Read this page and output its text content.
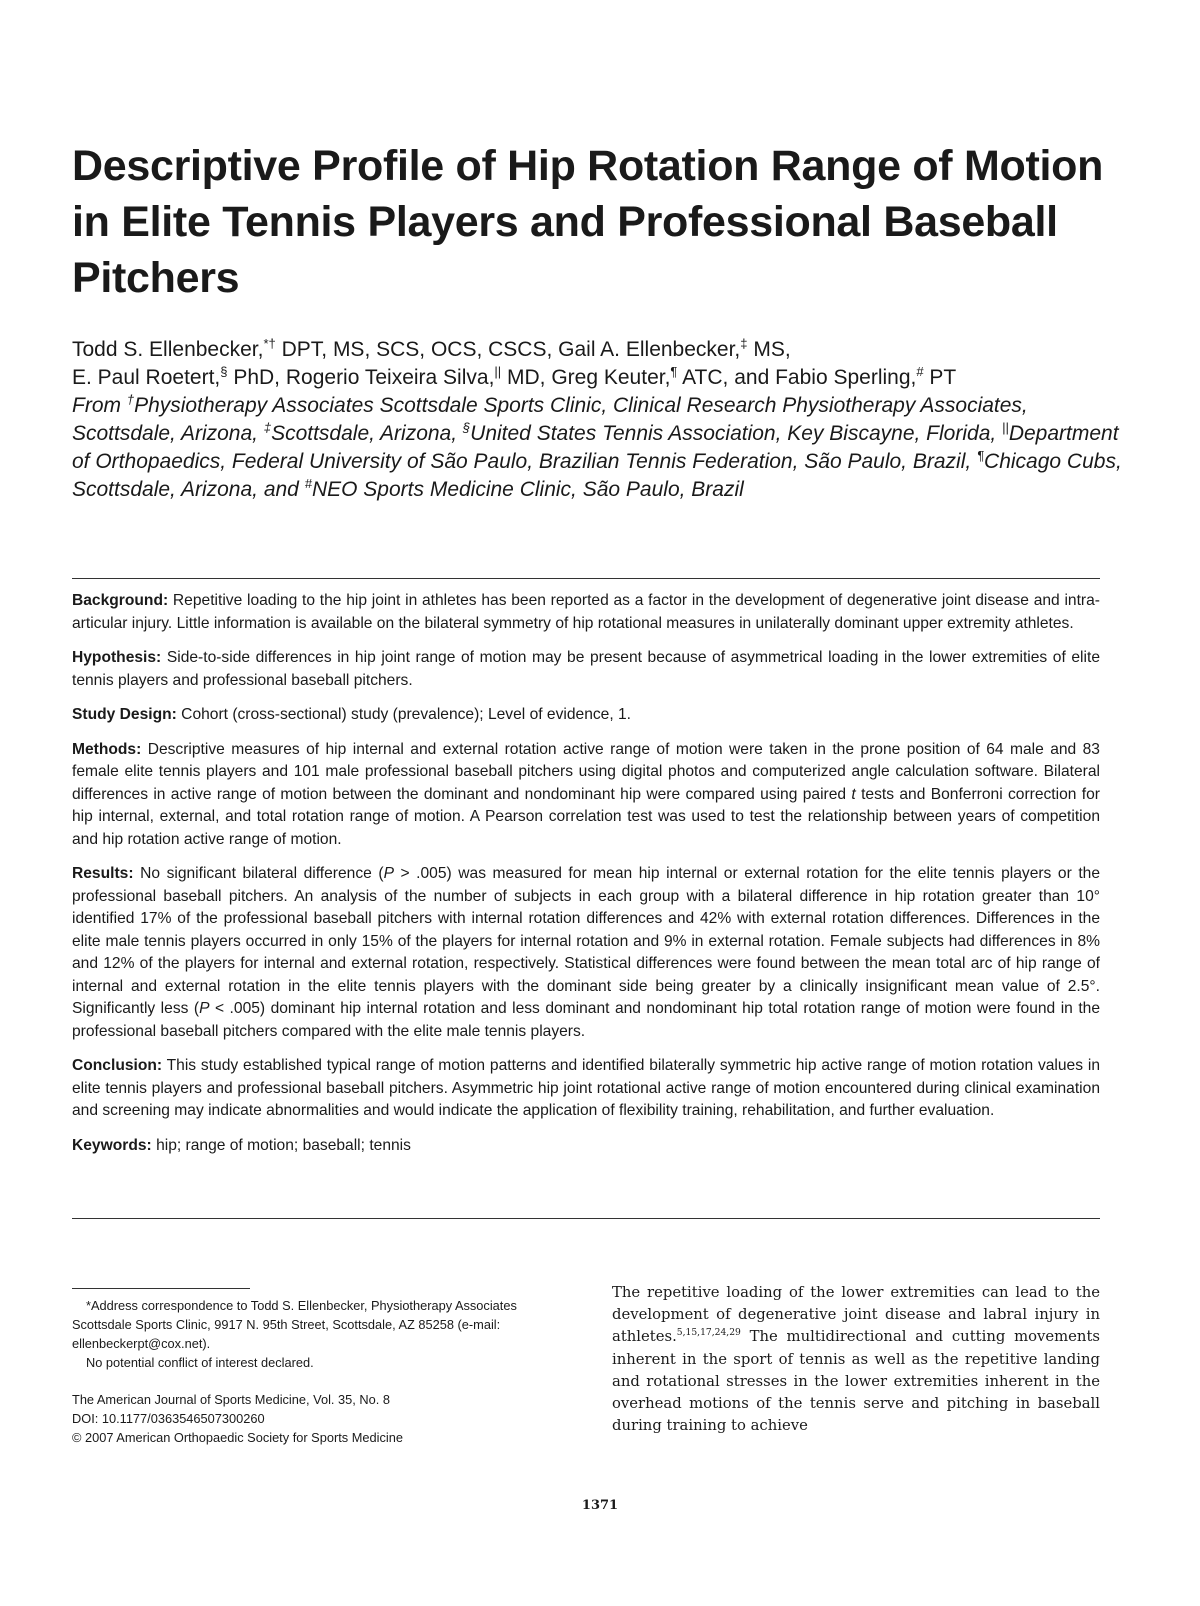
Descriptive Profile of Hip Rotation Range of Motion in Elite Tennis Players and Professional Baseball Pitchers
Todd S. Ellenbecker,*† DPT, MS, SCS, OCS, CSCS, Gail A. Ellenbecker,‡ MS,
E. Paul Roetert,§ PhD, Rogerio Teixeira Silva,|| MD, Greg Keuter,¶ ATC, and Fabio Sperling,# PT
From †Physiotherapy Associates Scottsdale Sports Clinic, Clinical Research Physiotherapy Associates, Scottsdale, Arizona, ‡Scottsdale, Arizona, §United States Tennis Association, Key Biscayne, Florida, ||Department of Orthopaedics, Federal University of São Paulo, Brazilian Tennis Federation, São Paulo, Brazil, ¶Chicago Cubs, Scottsdale, Arizona, and #NEO Sports Medicine Clinic, São Paulo, Brazil

Background: Repetitive loading to the hip joint in athletes has been reported as a factor in the development of degenerative joint disease and intra-articular injury. Little information is available on the bilateral symmetry of hip rotational measures in unilaterally dominant upper extremity athletes.

Hypothesis: Side-to-side differences in hip joint range of motion may be present because of asymmetrical loading in the lower extremities of elite tennis players and professional baseball pitchers.

Study Design: Cohort (cross-sectional) study (prevalence); Level of evidence, 1.

Methods: Descriptive measures of hip internal and external rotation active range of motion were taken in the prone position of 64 male and 83 female elite tennis players and 101 male professional baseball pitchers using digital photos and computerized angle calculation software. Bilateral differences in active range of motion between the dominant and nondominant hip were compared using paired t tests and Bonferroni correction for hip internal, external, and total rotation range of motion. A Pearson correlation test was used to test the relationship between years of competition and hip rotation active range of motion.

Results: No significant bilateral difference (P > .005) was measured for mean hip internal or external rotation for the elite tennis players or the professional baseball pitchers. An analysis of the number of subjects in each group with a bilateral difference in hip rotation greater than 10° identified 17% of the professional baseball pitchers with internal rotation differences and 42% with external rotation differences. Differences in the elite male tennis players occurred in only 15% of the players for internal rotation and 9% in external rotation. Female subjects had differences in 8% and 12% of the players for internal and external rotation, respectively. Statistical differences were found between the mean total arc of hip range of internal and external rotation in the elite tennis players with the dominant side being greater by a clinically insignificant mean value of 2.5°. Significantly less (P < .005) dominant hip internal rotation and less dominant and nondominant hip total rotation range of motion were found in the professional baseball pitchers compared with the elite male tennis players.

Conclusion: This study established typical range of motion patterns and identified bilaterally symmetric hip active range of motion rotation values in elite tennis players and professional baseball pitchers. Asymmetric hip joint rotational active range of motion encountered during clinical examination and screening may indicate abnormalities and would indicate the application of flexibility training, rehabilitation, and further evaluation.

Keywords: hip; range of motion; baseball; tennis

*Address correspondence to Todd S. Ellenbecker, Physiotherapy Associates Scottsdale Sports Clinic, 9917 N. 95th Street, Scottsdale, AZ 85258 (e-mail: ellenbeckerpt@cox.net).

No potential conflict of interest declared.

The American Journal of Sports Medicine, Vol. 35, No. 8

DOI: 10.1177/0363546507300260

© 2007 American Orthopaedic Society for Sports Medicine

The repetitive loading of the lower extremities can lead to the development of degenerative joint disease and labral injury in athletes.$^{5,15,17,24,29}$ The multidirectional and cutting movements inherent in the sport of tennis as well as the repetitive landing and rotational stresses in the lower extremities inherent in the overhead motions of the tennis serve and pitching in baseball during training to achieve

1371
